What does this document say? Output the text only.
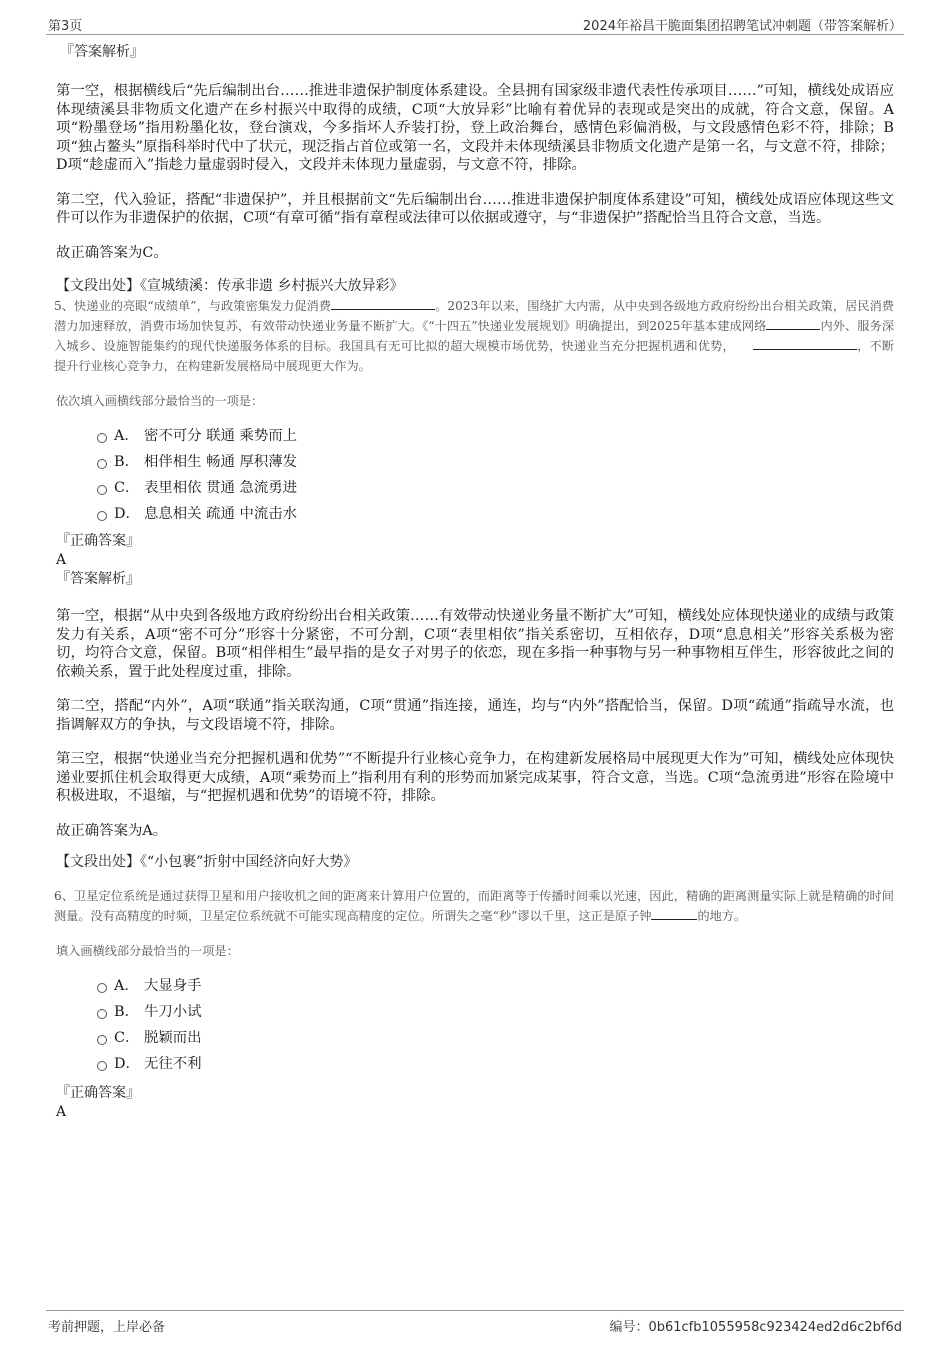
第3页	2024年裕昌干脆面集团招聘笔试冲刺题（带答案解析）

『答案解析』

第一空，根据横线后“先后编制出台……推进非遗保护制度体系建设。全县拥有国家级非遗代表性传承项目……”可知，横线处成语应体现绩溪县非物质文化遗产在乡村振兴中取得的成绩，C项“大放异彩”比喻有着优异的表现或是突出的成就，符合文意，保留。A项“粉墨登场”指用粉墨化妆，登台演戏，今多指坏人乔装打扮，登上政治舞台，感情色彩偏消极，与文段感情色彩不符，排除；B项“独占鳌头”原指科举时代中了状元，现泛指占首位或第一名，文段并未体现绩溪县非物质文化遗产是第一名，与文意不符，排除；D项“趁虚而入”指趁力量虚弱时侵入，文段并未体现力量虚弱，与文意不符，排除。

第二空，代入验证，搭配“非遗保护”，并且根据前文“先后编制出台……推进非遗保护制度体系建设”可知，横线处成语应体现这些文件可以作为非遗保护的依据，C项“有章可循”指有章程或法律可以依据或遵守，与“非遗保护”搭配恰当且符合文意，当选。

故正确答案为C。

【文段出处】《宣城绩溪：传承非遗 乡村振兴大放异彩》

5、快递业的亮眼“成绩单”，与政策密集发力促消费	。2023年以来，围绕扩大内需，从中央到各级地方政府纷纷出台相关政策，居民消费潜力加速释放，消费市场加快复苏，有效带动快递业务量不断扩大。《“十四五”快递业发展规划》明确提出，到2025年基本建成网络	内外、服务深入城乡、设施智能集约的现代快递服务体系的目标。我国具有无可比拟的超大规模市场优势，快递业当充分把握机遇和优势，	，不断提升行业核心竞争力，在构建新发展格局中展现更大作为。

依次填入画横线部分最恰当的一项是：

A． 密不可分 联通 乘势而上
B． 相伴相生 畅通 厚积薄发
C． 表里相依 贯通 急流勇进
D． 息息相关 疏通 中流击水

『正确答案』

A

『答案解析』

第一空，根据“从中央到各级地方政府纷纷出台相关政策……有效带动快递业务量不断扩大”可知，横线处应体现快递业的成绩与政策发力有关系，A项“密不可分”形容十分紧密，不可分割，C项“表里相依”指关系密切，互相依存，D项“息息相关”形容关系极为密切，均符合文意，保留。B项“相伴相生”最早指的是女子对男子的依恋，现在多指一种事物与另一种事物相互伴生，形容彼此之间的依赖关系，置于此处程度过重，排除。

第二空，搭配“内外”，A项“联通”指关联沟通，C项“贯通”指连接，通连，均与“内外”搭配恰当，保留。D项“疏通”指疏导水流，也指调解双方的争执，与文段语境不符，排除。

第三空，根据“快递业当充分把握机遇和优势”“不断提升行业核心竞争力，在构建新发展格局中展现更大作为”可知，横线处应体现快递业要抓住机会取得更大成绩，A项“乘势而上”指利用有利的形势而加紧完成某事，符合文意，当选。C项“急流勇进”形容在险境中积极进取，不退缩，与“把握机遇和优势”的语境不符，排除。

故正确答案为A。

【文段出处】《“小包裹”折射中国经济向好大势》

6、卫星定位系统是通过获得卫星和用户接收机之间的距离来计算用户位置的，而距离等于传播时间乘以光速，因此，精确的距离测量实际上就是精确的时间测量。没有高精度的时频，卫星定位系统就不可能实现高精度的定位。所谓失之毫“秒”谬以千里，这正是原子钟	的地方。

填入画横线部分最恰当的一项是：

A． 大显身手
B． 牛刀小试
C． 脱颖而出
D． 无往不利

『正确答案』

A

考前押题，上岸必备	编号：0b61cfb1055958c923424ed2d6c2bf6d
